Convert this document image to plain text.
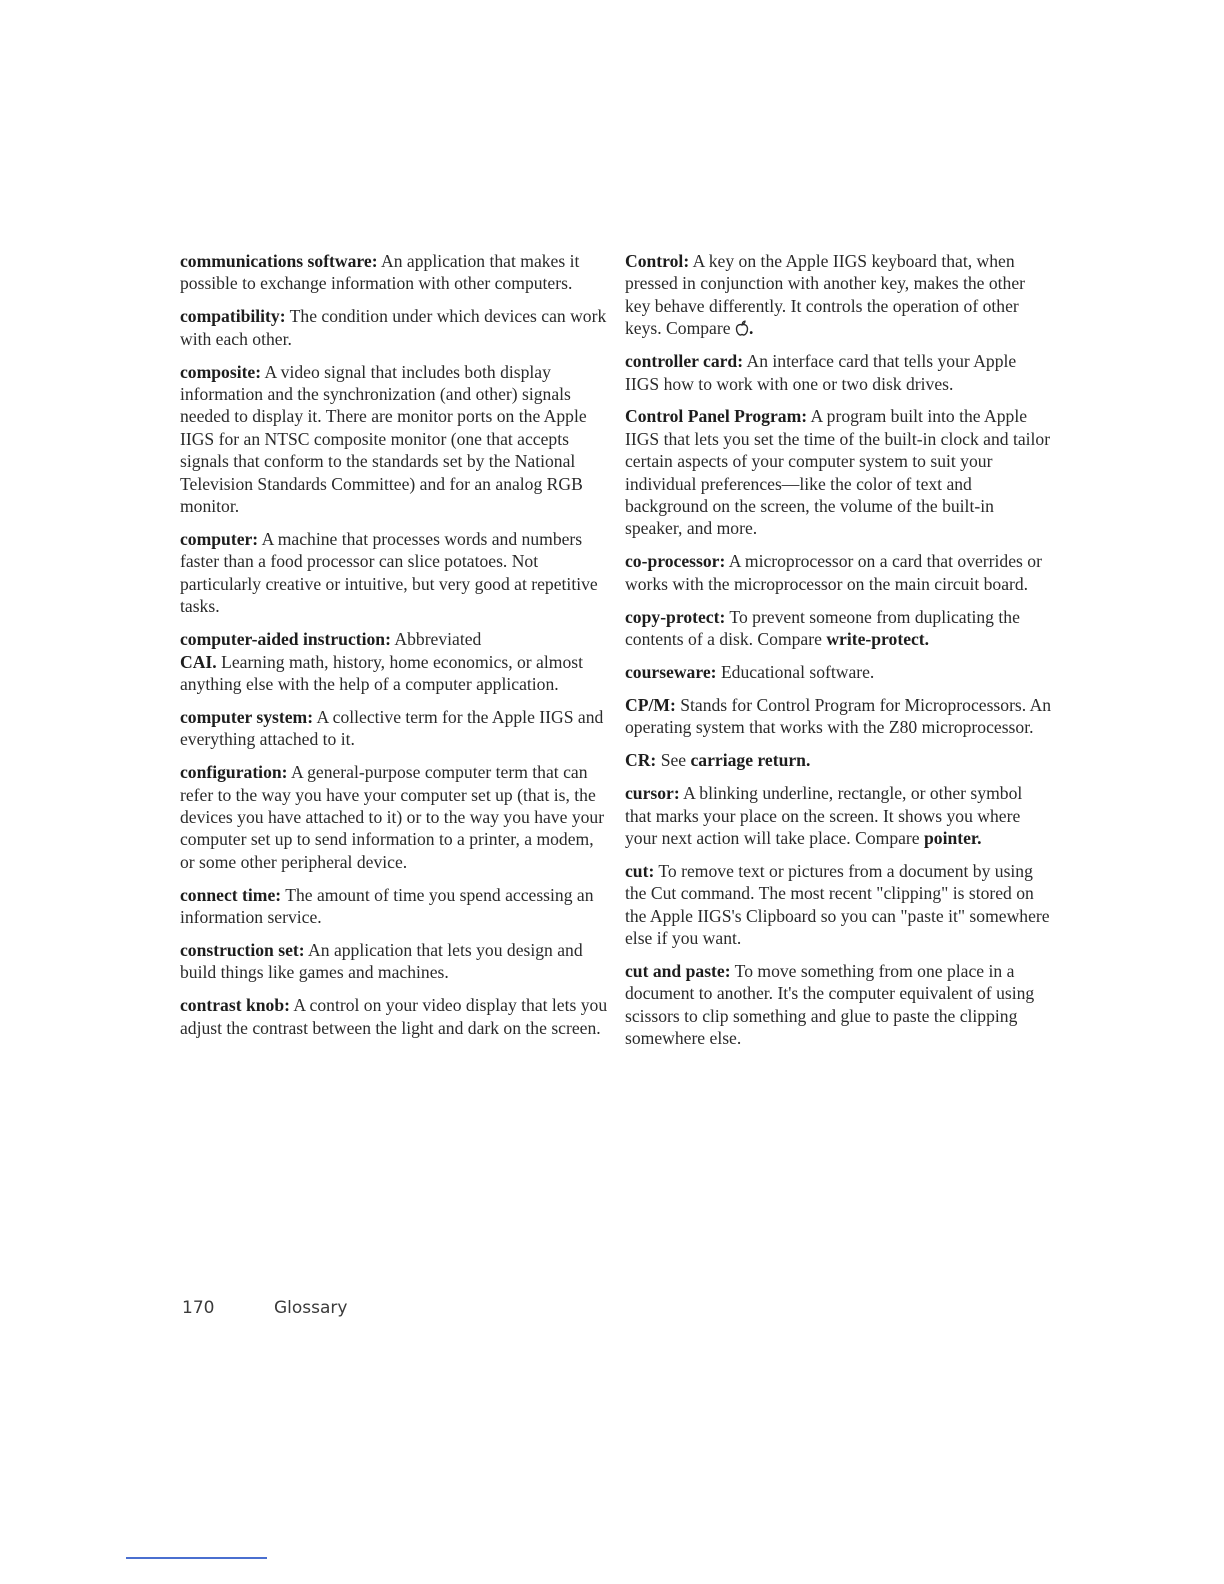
communications software: An application that makes it possible to exchange information with other computers.

compatibility: The condition under which devices can work with each other.

composite: A video signal that includes both display information and the synchronization (and other) signals needed to display it. There are monitor ports on the Apple IIGS for an NTSC composite monitor (one that accepts signals that conform to the standards set by the National Television Standards Committee) and for an analog RGB monitor.

computer: A machine that processes words and numbers faster than a food processor can slice potatoes. Not particularly creative or intuitive, but very good at repetitive tasks.

computer-aided instruction: Abbreviated
CAI. Learning math, history, home economics, or almost anything else with the help of a computer application.

computer system: A collective term for the Apple IIGS and everything attached to it.

configuration: A general-purpose computer term that can refer to the way you have your computer set up (that is, the devices you have attached to it) or to the way you have your computer set up to send information to a printer, a modem, or some other peripheral device.

connect time: The amount of time you spend accessing an information service.

construction set: An application that lets you design and build things like games and machines.

contrast knob: A control on your video display that lets you adjust the contrast between the light and dark on the screen.

Control: A key on the Apple IIGS keyboard that, when pressed in conjunction with another key, makes the other key behave differently. It controls the operation of other keys. Compare .

controller card: An interface card that tells your Apple IIGS how to work with one or two disk drives.

Control Panel Program: A program built into the Apple IIGS that lets you set the time of the built-in clock and tailor certain aspects of your computer system to suit your individual preferences—like the color of text and background on the screen, the volume of the built-in speaker, and more.

co-processor: A microprocessor on a card that overrides or works with the microprocessor on the main circuit board.

copy-protect: To prevent someone from duplicating the contents of a disk. Compare write-protect.

courseware: Educational software.

CP/M: Stands for Control Program for Microprocessors. An operating system that works with the Z80 microprocessor.

CR: See carriage return.

cursor: A blinking underline, rectangle, or other symbol that marks your place on the screen. It shows you where your next action will take place. Compare pointer.

cut: To remove text or pictures from a document by using the Cut command. The most recent "clipping" is stored on the Apple IIGS's Clipboard so you can "paste it" somewhere else if you want.

cut and paste: To move something from one place in a document to another. It's the computer equivalent of using scissors to clip something and glue to paste the clipping somewhere else.

170	Glossary
